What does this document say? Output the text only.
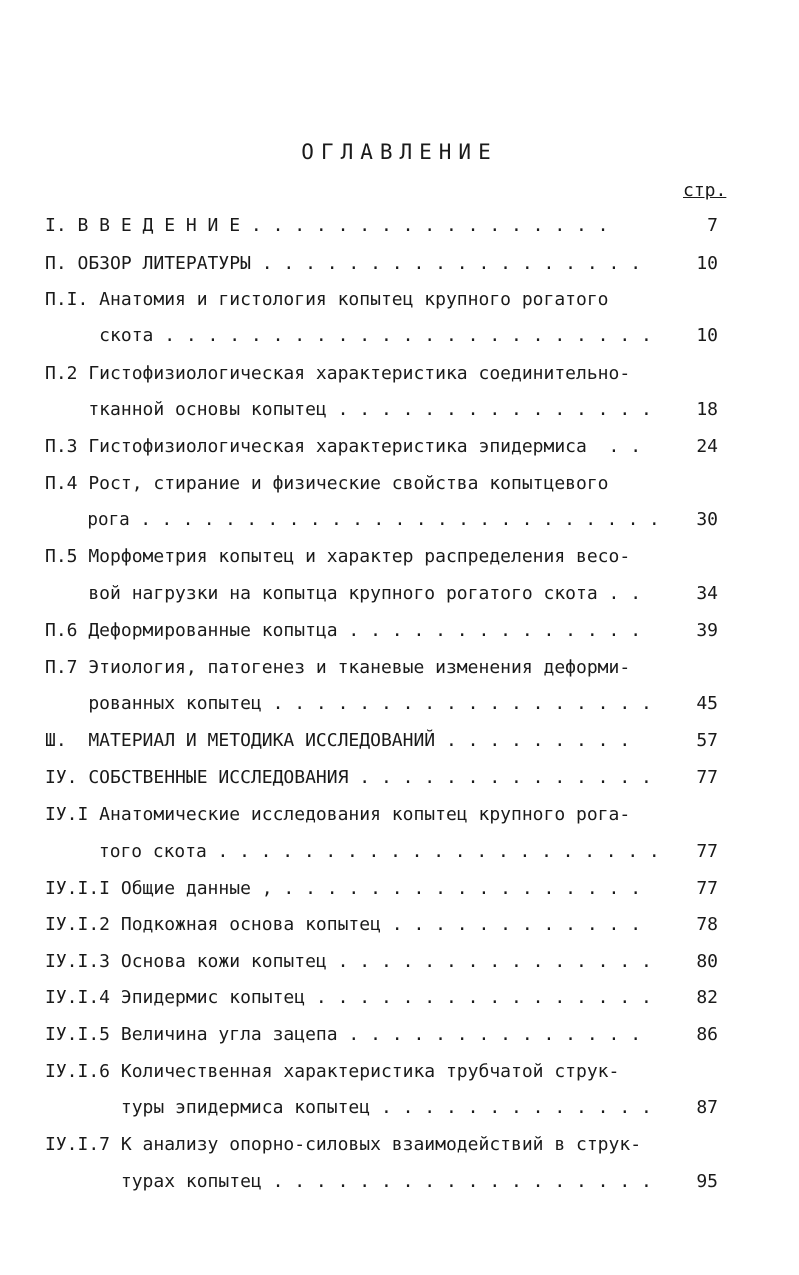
ОГЛАВЛЕНИЕ
стр.
I. В В Е Д Е Н И Е . . . . . . . . . . . . . . . . .	7
П. ОБЗОР ЛИТЕРАТУРЫ . . . . . . . . . . . . . . . . . .	10
П.I. Анатомия и гистология копытец крупного рогатого
скота . . . . . . . . . . . . . . . . . . . . . . .	10
П.2 Гистофизиологическая характеристика соединительно-
тканной основы копытец . . . . . . . . . . . . . . .	18
П.3 Гистофизиологическая характеристика эпидермиса  . .	24
П.4 Рост, стирание и физические свойства копытцевого
рога . . . . . . . . . . . . . . . . . . . . . . . . .	30
П.5 Морфометрия копытец и характер распределения весо-
вой нагрузки на копытца крупного рогатого скота . .	34
П.6 Деформированные копытца . . . . . . . . . . . . . .	39
П.7 Этиология, патогенез и тканевые изменения деформи-
рованных копытец . . . . . . . . . . . . . . . . . .	45
Ш.  МАТЕРИАЛ И МЕТОДИКА ИССЛЕДОВАНИЙ . . . . . . . . .	57
IУ. СОБСТВЕННЫЕ ИССЛЕДОВАНИЯ . . . . . . . . . . . . . .	77
IУ.I Анатомические исследования копытец крупного рога-
того скота . . . . . . . . . . . . . . . . . . . . .	77
IУ.I.I Общие данные , . . . . . . . . . . . . . . . . .	77
IУ.I.2 Подкожная основа копытец . . . . . . . . . . . .	78
IУ.I.3 Основа кожи копытец . . . . . . . . . . . . . . .	80
IУ.I.4 Эпидермис копытец . . . . . . . . . . . . . . . .	82
IУ.I.5 Величина угла зацепа . . . . . . . . . . . . . .	86
IУ.I.6 Количественная характеристика трубчатой струк-
туры эпидермиса копытец . . . . . . . . . . . . .	87
IУ.I.7 К анализу опорно-силовых взаимодействий в струк-
турах копытец . . . . . . . . . . . . . . . . . .	95
